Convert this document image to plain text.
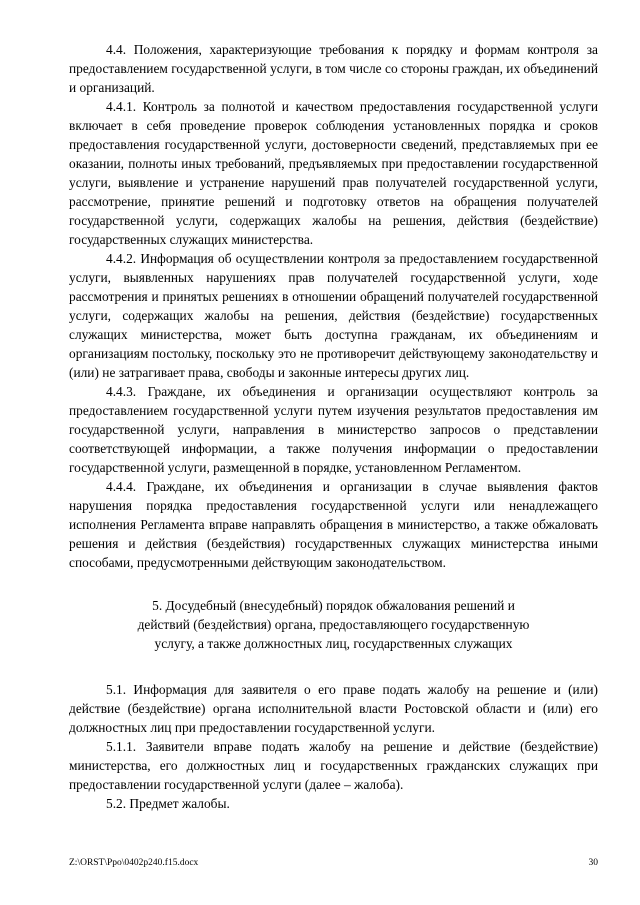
4.4. Положения, характеризующие требования к порядку и формам контроля за предоставлением государственной услуги, в том числе со стороны граждан, их объединений и организаций.

4.4.1. Контроль за полнотой и качеством предоставления государственной услуги включает в себя проведение проверок соблюдения установленных порядка и сроков предоставления государственной услуги, достоверности сведений, представляемых при ее оказании, полноты иных требований, предъявляемых при предоставлении государственной услуги, выявление и устранение нарушений прав получателей государственной услуги, рассмотрение, принятие решений и подготовку ответов на обращения получателей государственной услуги, содержащих жалобы на решения, действия (бездействие) государственных служащих министерства.

4.4.2. Информация об осуществлении контроля за предоставлением государственной услуги, выявленных нарушениях прав получателей государственной услуги, ходе рассмотрения и принятых решениях в отношении обращений получателей государственной услуги, содержащих жалобы на решения, действия (бездействие) государственных служащих министерства, может быть доступна гражданам, их объединениям и организациям постольку, поскольку это не противоречит действующему законодательству и (или) не затрагивает права, свободы и законные интересы других лиц.

4.4.3. Граждане, их объединения и организации осуществляют контроль за предоставлением государственной услуги путем изучения результатов предоставления им государственной услуги, направления в министерство запросов о представлении соответствующей информации, а также получения информации о предоставлении государственной услуги, размещенной в порядке, установленном Регламентом.

4.4.4. Граждане, их объединения и организации в случае выявления фактов нарушения порядка предоставления государственной услуги или ненадлежащего исполнения Регламента вправе направлять обращения в министерство, а также обжаловать решения и действия (бездействия) государственных служащих министерства иными способами, предусмотренными действующим законодательством.

5. Досудебный (внесудебный) порядок обжалования решений и
действий (бездействия) органа, предоставляющего государственную
услугу, а также должностных лиц, государственных служащих

5.1. Информация для заявителя о его праве подать жалобу на решение и (или) действие (бездействие) органа исполнительной власти Ростовской области и (или) его должностных лиц при предоставлении государственной услуги.

5.1.1. Заявители вправе подать жалобу на решение и действие (бездействие) министерства, его должностных лиц и государственных гражданских служащих при предоставлении государственной услуги (далее – жалоба).

5.2. Предмет жалобы.

Z:\ORST\Ppo\0402p240.f15.docx	30
